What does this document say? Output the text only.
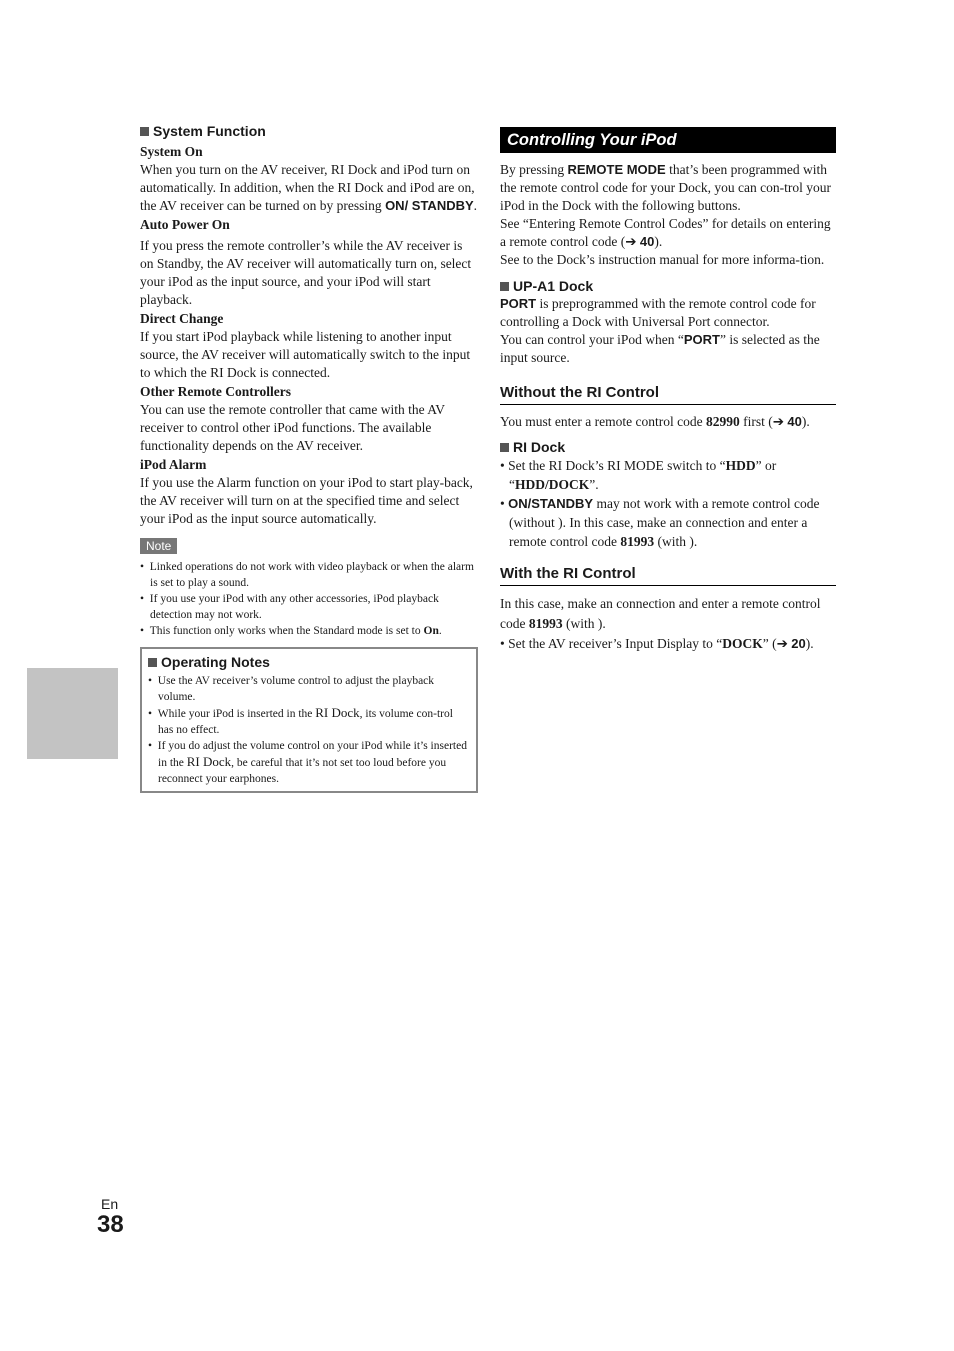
System Function

System On

When you turn on the AV receiver, RI Dock and iPod turn on automatically. In addition, when the RI Dock and iPod are on, the AV receiver can be turned on by pressing ON/ STANDBY.

Auto Power On

If you press the remote controller’s while the AV receiver is on Standby, the AV receiver will automatically turn on, select your iPod as the input source, and your iPod will start playback.

Direct Change

If you start iPod playback while listening to another input source, the AV receiver will automatically switch to the input to which the RI Dock is connected.

Other Remote Controllers

You can use the remote controller that came with the AV receiver to control other iPod functions. The available functionality depends on the AV receiver.

iPod Alarm

If you use the Alarm function on your iPod to start play-back, the AV receiver will turn on at the specified time and select your iPod as the input source automatically.

Note
•  Linked operations do not work with video playback or when the alarm is set to play a sound.
•  If you use your iPod with any other accessories, iPod playback detection may not work.
•  This function only works when the Standard mode is set to On.

Operating Notes

•  Use the AV receiver’s volume control to adjust the playback volume.
•  While your iPod is inserted in the RI Dock, its volume con-trol has no effect.
•  If you do adjust the volume control on your iPod while it’s inserted in the RI Dock, be careful that it’s not set too loud before you reconnect your earphones.
Controlling Your iPod

By pressing REMOTE MODE that’s been programmed with the remote control code for your Dock, you can con-trol your iPod in the Dock with the following buttons.

See “Entering Remote Control Codes” for details on entering a remote control code (➔ 40).

See to the Dock’s instruction manual for more informa-tion.

UP-A1 Dock

PORT is preprogrammed with the remote control code for controlling a Dock with Universal Port connector.

You can control your iPod when “PORT” is selected as the input source.

Without the RI Control

You must enter a remote control code 82990 first (➔ 40).

RI Dock

• Set the RI Dock’s RI MODE switch to “HDD” or “HDD/DOCK”.
• ON/STANDBY may not work with a remote control code (without ). In this case, make an connection and enter a remote control code 81993 (with ).
With the RI Control

In this case, make an connection and enter a remote control code 81993 (with ).

• Set the AV receiver’s Input Display to “DOCK” (➔ 20).
En
38
